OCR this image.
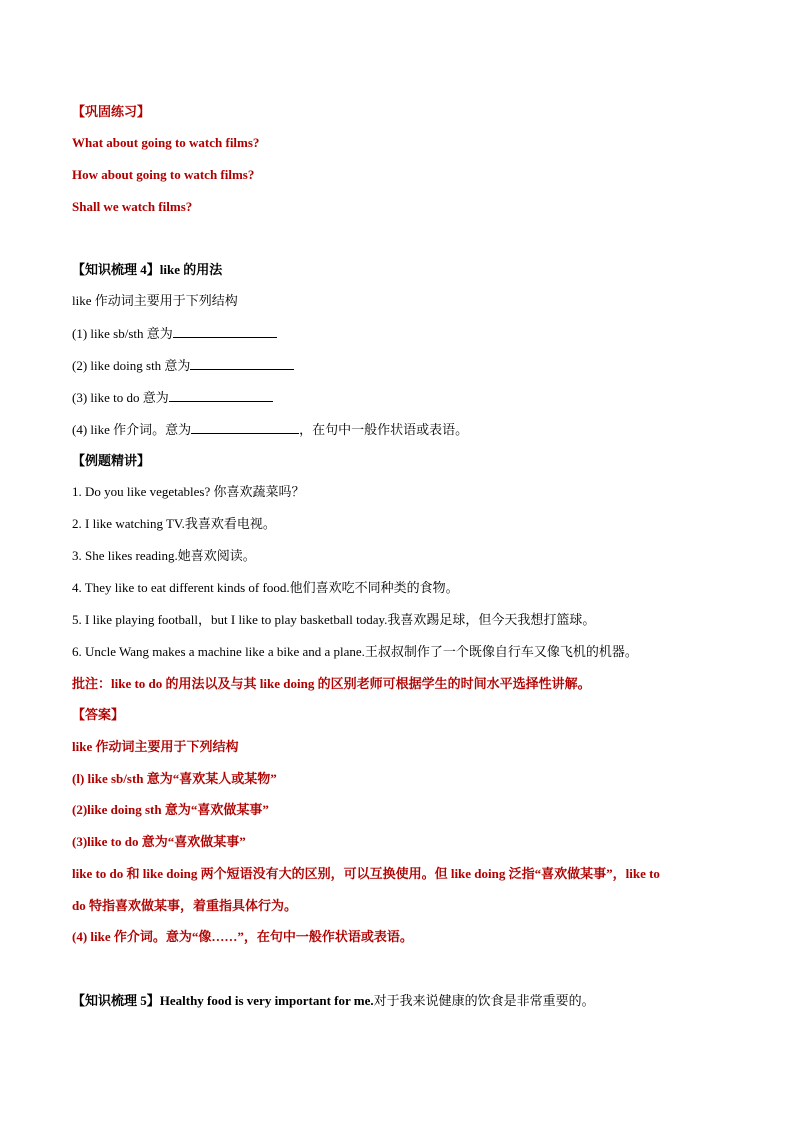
【巩固练习】
What about going to watch films?
How about going to watch films?
Shall we watch films?
【知识梳理 4】like 的用法
like 作动词主要用于下列结构
(1) like sb/sth 意为
(2) like doing sth 意为
(3) like to do 意为
(4) like 作介词。意为	，在句中一般作状语或表语。
【例题精讲】
1. Do you like vegetables? 你喜欢蔬菜吗？
2. I like watching TV.我喜欢看电视。
3. She likes reading.她喜欢阅读。
4. They like to eat different kinds of food.他们喜欢吃不同种类的食物。
5. I like playing football，but I like to play basketball today.我喜欢踢足球，但今天我想打篮球。
6. Uncle Wang makes a machine like a bike and a plane.王叔叔制作了一个既像自行车又像飞机的机器。
批注：like to do 的用法以及与其 like doing 的区别老师可根据学生的时间水平选择性讲解。
【答案】
like 作动词主要用于下列结构
(l) like sb/sth 意为“喜欢某人或某物”
(2)like doing sth 意为“喜欢做某事”
(3)like to do 意为“喜欢做某事”
like to do 和 like doing 两个短语没有大的区别，可以互换使用。但 like doing 泛指“喜欢做某事”，like to
do 特指喜欢做某事，着重指具体行为。
(4) like 作介词。意为“像……”，在句中一般作状语或表语。
【知识梳理 5】Healthy food is very important for me.对于我来说健康的饮食是非常重要的。
